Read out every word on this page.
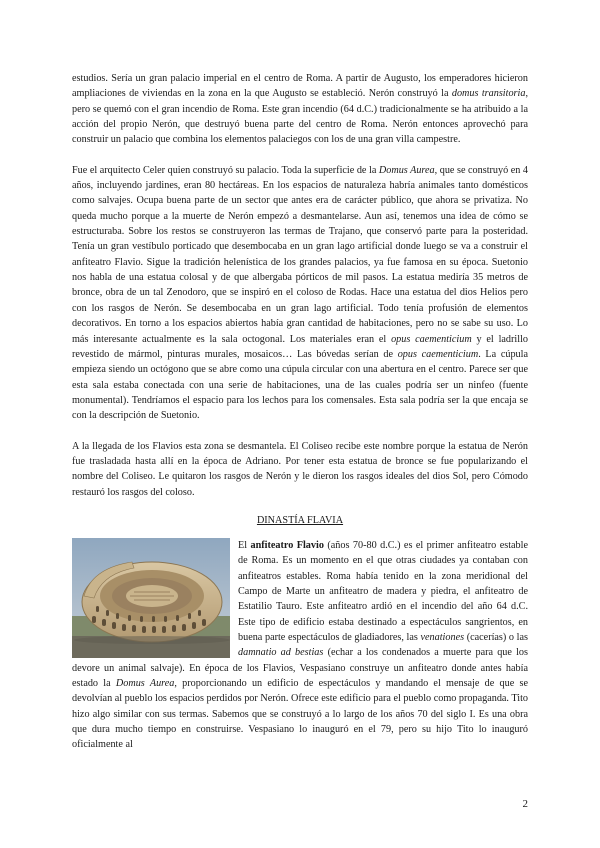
estudios. Sería un gran palacio imperial en el centro de Roma. A partir de Augusto, los emperadores hicieron ampliaciones de viviendas en la zona en la que Augusto se estableció. Nerón construyó la domus transitoria, pero se quemó con el gran incendio de Roma. Este gran incendio (64 d.C.) tradicionalmente se ha atribuido a la acción del propio Nerón, que destruyó buena parte del centro de Roma. Nerón entonces aprovechó para construir un palacio que combina los elementos palaciegos con los de una gran villa campestre.

Fue el arquitecto Celer quien construyó su palacio. Toda la superficie de la Domus Aurea, que se construyó en 4 años, incluyendo jardines, eran 80 hectáreas. En los espacios de naturaleza habría animales tanto domésticos como salvajes. Ocupa buena parte de un sector que antes era de carácter público, que ahora se privatiza. No queda mucho porque a la muerte de Nerón empezó a desmantelarse. Aun así, tenemos una idea de cómo se estructuraba. Sobre los restos se construyeron las termas de Trajano, que conservó parte para la posteridad. Tenía un gran vestíbulo porticado que desembocaba en un gran lago artificial donde luego se va a construir el anfiteatro Flavio. Sigue la tradición helenística de los grandes palacios, ya fue famosa en su época. Suetonio nos habla de una estatua colosal y de que albergaba pórticos de mil pasos. La estatua mediría 35 metros de bronce, obra de un tal Zenodoro, que se inspiró en el coloso de Rodas. Hace una estatua del dios Helios pero con los rasgos de Nerón. Se desembocaba en un gran lago artificial. Todo tenía profusión de elementos decorativos. En torno a los espacios abiertos había gran cantidad de habitaciones, pero no se sabe su uso. Lo más interesante actualmente es la sala octogonal. Los materiales eran el opus caementicium y el ladrillo revestido de mármol, pinturas murales, mosaicos… Las bóvedas serían de opus caementicium. La cúpula empieza siendo un octógono que se abre como una cúpula circular con una abertura en el centro. Parece ser que esta sala estaba conectada con una serie de habitaciones, una de las cuales podría ser un ninfeo (fuente monumental). Tendríamos el espacio para los lechos para los comensales. Esta sala podría ser la que encaja se con la descripción de Suetonio.

A la llegada de los Flavios esta zona se desmantela. El Coliseo recibe este nombre porque la estatua de Nerón fue trasladada hasta allí en la época de Adriano. Por tener esta estatua de bronce se fue popularizando el nombre del Coliseo. Le quitaron los rasgos de Nerón y le dieron los rasgos ideales del dios Sol, pero Cómodo restauró los rasgos del coloso.

DINASTÍA FLAVIA

El anfiteatro Flavio (años 70-80 d.C.) es el primer anfiteatro estable de Roma. Es un momento en el que otras ciudades ya contaban con anfiteatros estables. Roma había tenido en la zona meridional del Campo de Marte un anfiteatro de madera y piedra, el anfiteatro de Estatilio Tauro. Este anfiteatro ardió en el incendio del año 64 d.C. Este tipo de edificio estaba destinado a espectáculos sangrientos, en buena parte espectáculos de gladiadores, las venationes (cacerías) o las damnatio ad bestias (echar a los condenados a muerte para que los devore un animal salvaje). En época de los Flavios, Vespasiano construye un anfiteatro donde antes había estado la Domus Aurea, proporcionando un edificio de espectáculos y mandando el mensaje de que se devolvían al pueblo los espacios perdidos por Nerón. Ofrece este edificio para el pueblo como propaganda. Tito hizo algo similar con sus termas. Sabemos que se construyó a lo largo de los años 70 del siglo I. Es una obra que dura mucho tiempo en construirse. Vespasiano lo inauguró en el 79, pero su hijo Tito lo inauguró oficialmente al

2
